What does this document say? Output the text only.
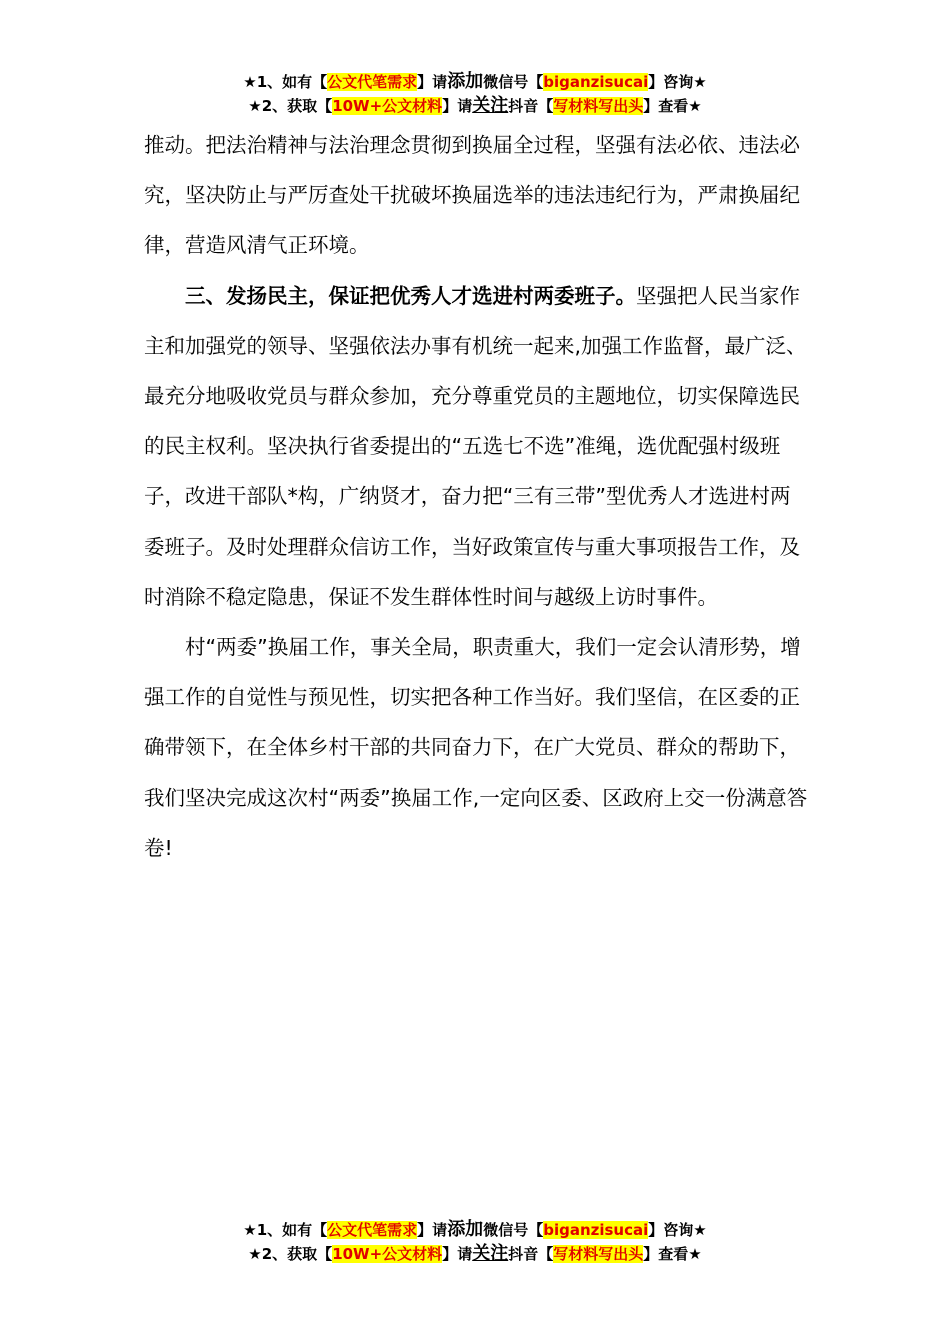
★1、如有【公文代笔需求】请添加微信号【biganzisucai】咨询★
★2、获取【10W+公文材料】请关注抖音【写材料写出头】查看★

推动。把法治精神与法治理念贯彻到换届全过程，坚强有法必依、违法必究，坚决防止与严厉查处干扰破坏换届选举的违法违纪行为，严肃换届纪律，营造风清气正环境。

三、发扬民主，保证把优秀人才选进村两委班子。坚强把人民当家作主和加强党的领导、坚强依法办事有机统一起来,加强工作监督，最广泛、最充分地吸收党员与群众参加，充分尊重党员的主题地位，切实保障选民的民主权利。坚决执行省委提出的“五选七不选”准绳，选优配强村级班子，改进干部队*构，广纳贤才，奋力把“三有三带”型优秀人才选进村两委班子。及时处理群众信访工作，当好政策宣传与重大事项报告工作，及时消除不稳定隐患，保证不发生群体性时间与越级上访时事件。

村“两委”换届工作，事关全局，职责重大，我们一定会认清形势，增强工作的自觉性与预见性，切实把各种工作当好。我们坚信，在区委的正确带领下，在全体乡村干部的共同奋力下，在广大党员、群众的帮助下，我们坚决完成这次村“两委”换届工作,一定向区委、区政府上交一份满意答卷!

★1、如有【公文代笔需求】请添加微信号【biganzisucai】咨询★
★2、获取【10W+公文材料】请关注抖音【写材料写出头】查看★
